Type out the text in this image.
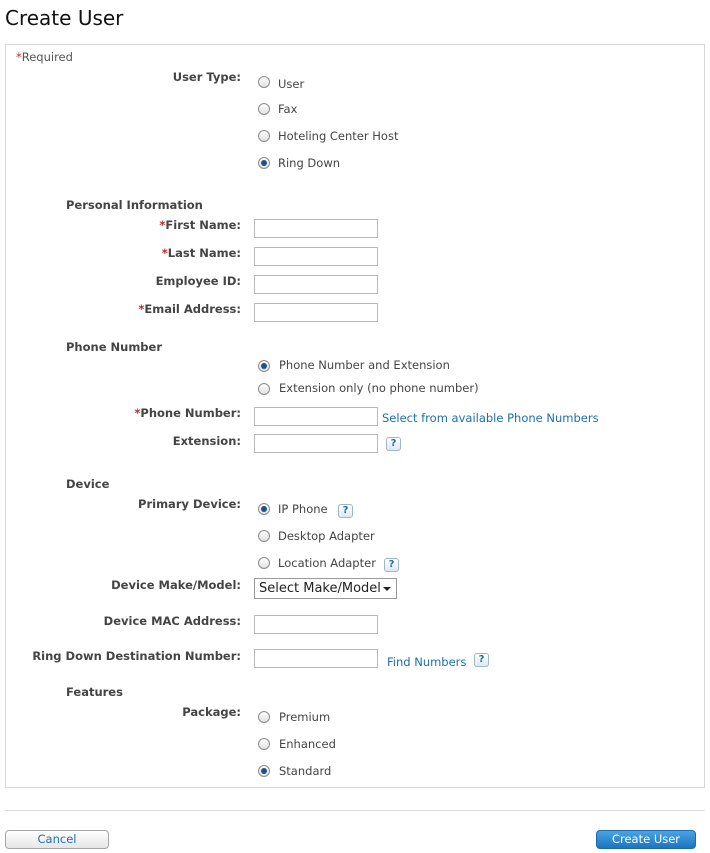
Create User
*Required
User Type:	User
Fax
Hoteling Center Host
Ring Down
Personal Information
*First Name:
*Last Name:
Employee ID:
*Email Address:
Phone Number
Phone Number and Extension
Extension only (no phone number)
*Phone Number:	Select from available Phone Numbers
Extension:	?
Device
Primary Device:	IP Phone	?
Desktop Adapter
Location Adapter	?
Device Make/Model:	Select Make/Model
Device MAC Address:
Ring Down Destination Number:	Find Numbers	?
Features
Package:	Premium
Enhanced
Standard
Cancel	Create User
